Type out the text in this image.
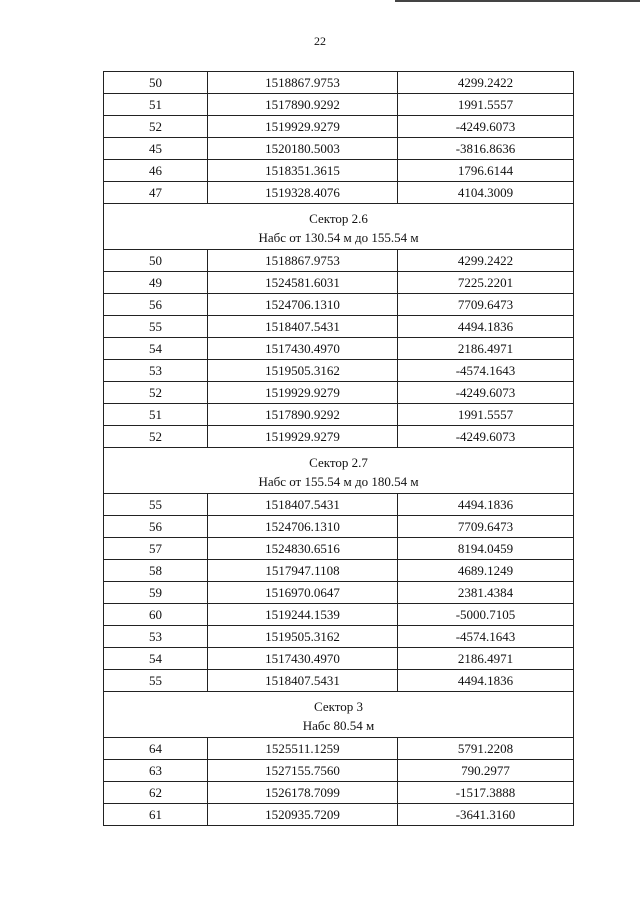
22
50	1518867.9753	4299.2422
51	1517890.9292	1991.5557
52	1519929.9279	-4249.6073
45	1520180.5003	-3816.8636
46	1518351.3615	1796.6144
47	1519328.4076	4104.3009

Сектор 2.6
Набс от 130.54 м до 155.54 м		

50	1518867.9753	4299.2422
49	1524581.6031	7225.2201
56	1524706.1310	7709.6473
55	1518407.5431	4494.1836
54	1517430.4970	2186.4971
53	1519505.3162	-4574.1643
52	1519929.9279	-4249.6073
51	1517890.9292	1991.5557
52	1519929.9279	-4249.6073

Сектор 2.7
Набс от 155.54 м до 180.54 м		

55	1518407.5431	4494.1836
56	1524706.1310	7709.6473
57	1524830.6516	8194.0459
58	1517947.1108	4689.1249
59	1516970.0647	2381.4384
60	1519244.1539	-5000.7105
53	1519505.3162	-4574.1643
54	1517430.4970	2186.4971
55	1518407.5431	4494.1836

Сектор 3
Набс 80.54 м		

64	1525511.1259	5791.2208
63	1527155.7560	790.2977
62	1526178.7099	-1517.3888
61	1520935.7209	-3641.3160
